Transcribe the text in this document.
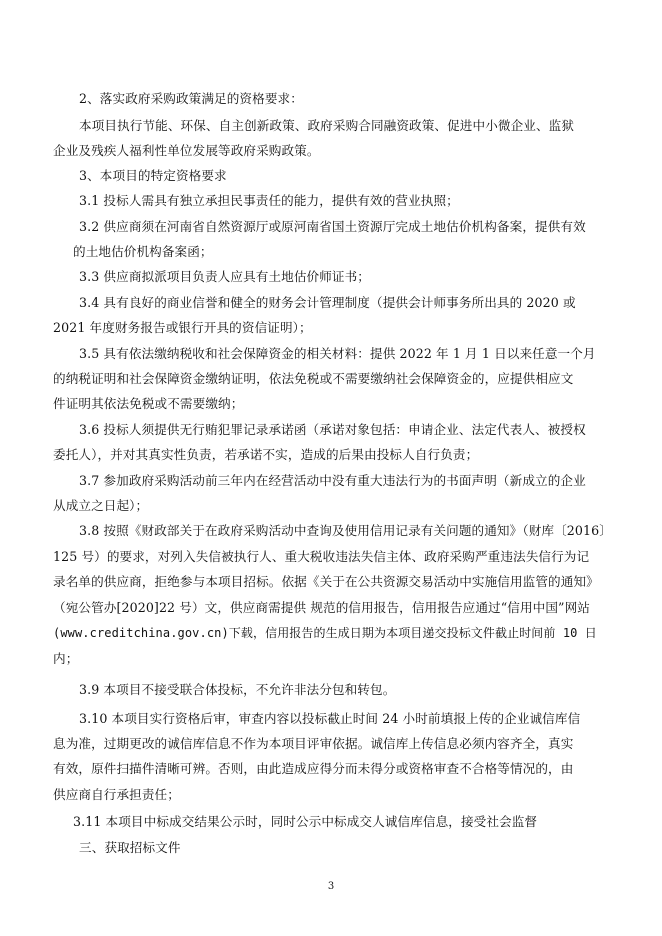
2、落实政府采购政策满足的资格要求：
本项目执行节能、环保、自主创新政策、政府采购合同融资政策、促进中小微企业、监狱
企业及残疾人福利性单位发展等政府采购政策。
3、本项目的特定资格要求
3.1 投标人需具有独立承担民事责任的能力，提供有效的营业执照；
3.2 供应商须在河南省自然资源厅或原河南省国土资源厅完成土地估价机构备案，提供有效
的土地估价机构备案函；
3.3 供应商拟派项目负责人应具有土地估价师证书；
3.4 具有良好的商业信誉和健全的财务会计管理制度（提供会计师事务所出具的 2020 或
2021 年度财务报告或银行开具的资信证明）；
3.5 具有依法缴纳税收和社会保障资金的相关材料：提供 2022 年 1 月 1 日以来任意一个月
的纳税证明和社会保障资金缴纳证明，依法免税或不需要缴纳社会保障资金的，应提供相应文
件证明其依法免税或不需要缴纳；
3.6 投标人须提供无行贿犯罪记录承诺函（承诺对象包括：申请企业、法定代表人、被授权
委托人），并对其真实性负责，若承诺不实，造成的后果由投标人自行负责；
3.7 参加政府采购活动前三年内在经营活动中没有重大违法行为的书面声明（新成立的企业
从成立之日起）；
3.8 按照《财政部关于在政府采购活动中查询及使用信用记录有关问题的通知》（财库〔2016〕
125 号）的要求，对列入失信被执行人、重大税收违法失信主体、政府采购严重违法失信行为记
录名单的供应商，拒绝参与本项目招标。依据《关于在公共资源交易活动中实施信用监管的通知》
（宛公管办[2020]22 号）文，供应商需提供 规范的信用报告，信用报告应通过“信用中国”网站
(www.creditchina.gov.cn)下载，信用报告的生成日期为本项目递交投标文件截止时间前 10 日
内；
3.9 本项目不接受联合体投标，不允许非法分包和转包。
3.10 本项目实行资格后审，审查内容以投标截止时间 24 小时前填报上传的企业诚信库信
息为准，过期更改的诚信库信息不作为本项目评审依据。诚信库上传信息必须内容齐全，真实
有效，原件扫描件清晰可辨。否则，由此造成应得分而未得分或资格审查不合格等情况的，由
供应商自行承担责任；
3.11 本项目中标成交结果公示时，同时公示中标成交人诚信库信息，接受社会监督
三、获取招标文件
3
